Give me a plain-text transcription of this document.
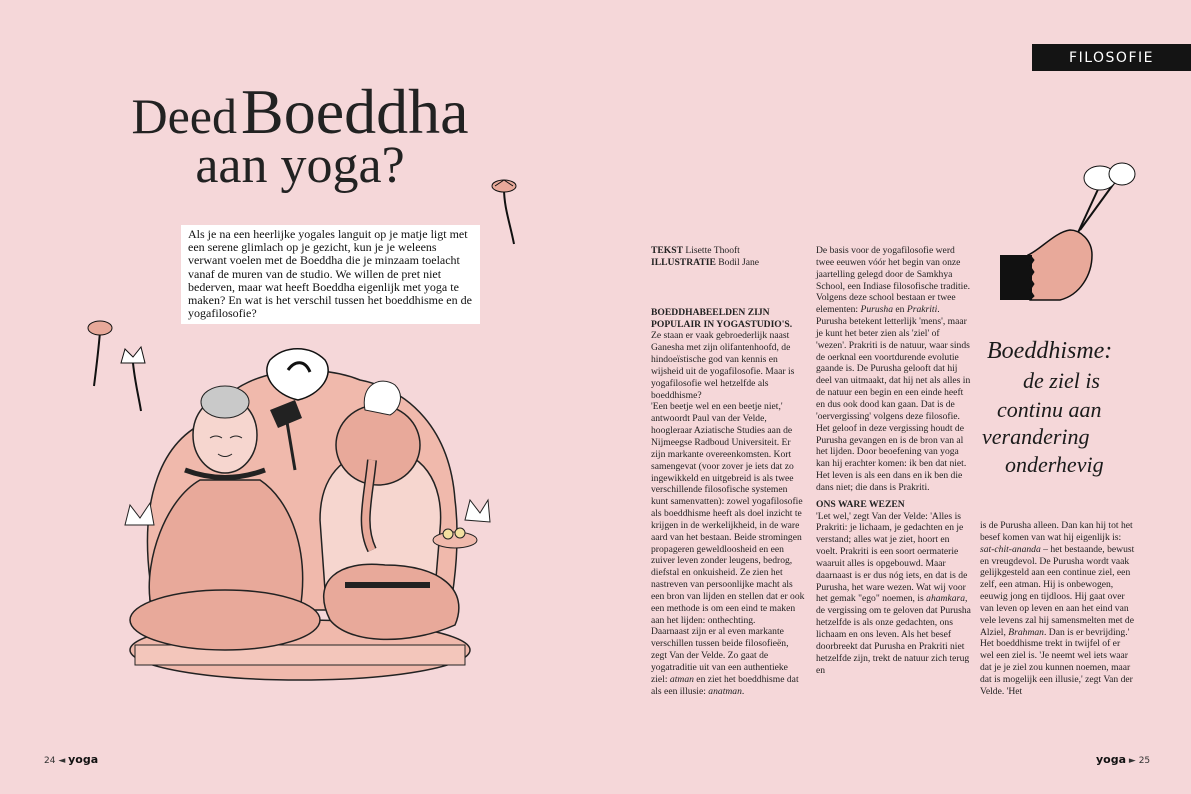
FILOSOFIE
Deed Boeddha
aan yoga?
Als je na een heerlijke yogales languit op je matje ligt met een serene glimlach op je gezicht, kun je je weleens verwant voelen met de Boeddha die je minzaam toelacht vanaf de muren van de studio. We willen de pret niet bederven, maar wat heeft Boeddha eigenlijk met yoga te maken? En wat is het verschil tussen het boeddhisme en de yogafilosofie?
Boeddhisme:
de ziel is
continu aan
verandering
onderhevig

TEKST Lisette Thooft

ILLUSTRATIE Bodil Jane

BOEDDHABEELDEN ZIJN POPULAIR IN YOGASTUDIO'S.

Ze staan er vaak gebroederlijk naast Ganesha met zijn olifantenhoofd, de hindoeïstische god van kennis en wijsheid uit de yogafilosofie. Maar is yogafilosofie wel hetzelfde als boeddhisme?

'Een beetje wel en een beetje niet,' antwoordt Paul van der Velde, hoogleraar Aziatische Studies aan de Nijmeegse Radboud Universiteit. Er zijn markante overeenkomsten. Kort samengevat (voor zover je iets dat zo ingewikkeld en uitgebreid is als twee verschillende filosofische systemen kunt samenvatten): zowel yogafilosofie als boeddhisme heeft als doel inzicht te krijgen in de werkelijkheid, in de ware aard van het bestaan. Beide stromingen propageren geweldloosheid en een zuiver leven zonder leugens, bedrog, diefstal en onkuisheid. Ze zien het nastreven van persoonlijke macht als een bron van lijden en stellen dat er ook een methode is om een eind te maken aan het lijden: onthechting.

Daarnaast zijn er al even markante verschillen tussen beide filosofieën, zegt Van der Velde. Zo gaat de yogatraditie uit van een authentieke ziel: atman en ziet het boeddhisme dat als een illusie: anatman.

De basis voor de yogafilosofie werd twee eeuwen vóór het begin van onze jaartelling gelegd door de Samkhya School, een Indiase filosofische traditie. Volgens deze school bestaan er twee elementen: Purusha en Prakriti. Purusha betekent letterlijk 'mens', maar je kunt het beter zien als 'ziel' of 'wezen'. Prakriti is de natuur, waar sinds de oerknal een voortdurende evolutie gaande is. De Purusha gelooft dat hij deel van uitmaakt, dat hij net als alles in de natuur een begin en een einde heeft en dus ook dood kan gaan. Dat is de 'oervergissing' volgens deze filosofie. Het geloof in deze vergissing houdt de Purusha gevangen en is de bron van al het lijden. Door beoefening van yoga kan hij erachter komen: ik ben dat niet. Het leven is als een dans en ik ben die dans niet; die dans is Prakriti.

ONS WARE WEZEN

'Let wel,' zegt Van der Velde: 'Alles is Prakriti: je lichaam, je gedachten en je verstand; alles wat je ziet, hoort en voelt. Prakriti is een soort oermaterie waaruit alles is opgebouwd. Maar daarnaast is er dus nóg iets, en dat is de Purusha, het ware wezen. Wat wij voor het gemak "ego" noemen, is ahamkara, de vergissing om te geloven dat Purusha hetzelfde is als onze gedachten, ons lichaam en ons leven. Als het besef doorbreekt dat Purusha en Prakriti niet hetzelfde zijn, trekt de natuur zich terug en

is de Purusha alleen. Dan kan hij tot het besef komen van wat hij eigenlijk is: sat-chit-ananda – het bestaande, bewust en vreugdevol. De Purusha wordt vaak gelijkgesteld aan een continue ziel, een zelf, een atman. Hij is onbewogen, eeuwig jong en tijdloos. Hij gaat over van leven op leven en aan het eind van vele levens zal hij samensmelten met de Alziel, Brahman. Dan is er bevrijding.' Het boeddhisme trekt in twijfel of er wel een ziel is. 'Je neemt wel iets waar dat je je ziel zou kunnen noemen, maar dat is mogelijk een illusie,' zegt Van der Velde. 'Het

24 ◄ yoga	yoga ► 25
